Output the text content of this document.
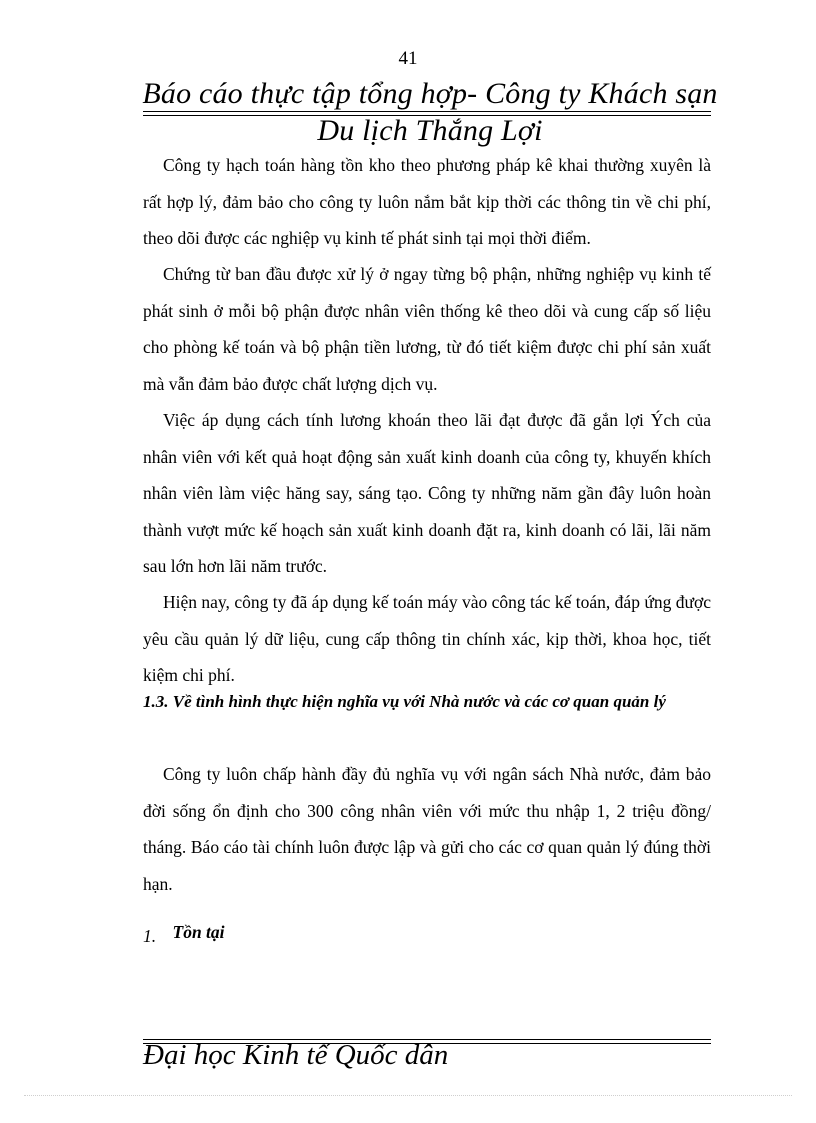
41
Báo cáo thực tập tổng hợp- Công ty Khách sạn
Du lịch Thắng Lợi

Công ty hạch toán hàng tồn kho theo phương pháp kê khai thường xuyên là rất hợp lý, đảm bảo cho công ty luôn nắm bắt kịp thời các thông tin về chi phí, theo dõi được các nghiệp vụ kinh tế phát sinh tại mọi thời điểm.

Chứng từ ban đầu được xử lý ở ngay từng bộ phận, những nghiệp vụ kinh tế phát sinh ở mỗi bộ phận được nhân viên thống kê theo dõi và cung cấp số liệu cho phòng kế toán và bộ phận tiền lương, từ đó tiết kiệm được chi phí sản xuất mà vẫn đảm bảo được chất lượng dịch vụ.

Việc áp dụng cách tính lương khoán theo lãi đạt được đã gắn lợi Ých của nhân viên với kết quả hoạt động sản xuất kinh doanh của công ty, khuyến khích nhân viên làm việc hăng say, sáng tạo. Công ty những năm gần đây luôn hoàn thành vượt mức kế hoạch sản xuất kinh doanh đặt ra, kinh doanh có lãi, lãi năm sau lớn hơn lãi năm trước.

Hiện nay, công ty đã áp dụng kế toán máy vào công tác kế toán, đáp ứng được yêu cầu quản lý dữ liệu, cung cấp thông tin chính xác, kịp thời, khoa học, tiết kiệm chi phí.

1.3. Về tình hình thực hiện nghĩa vụ với Nhà nước và các cơ quan quản lý

Công ty luôn chấp hành đầy đủ nghĩa vụ với ngân sách Nhà nước, đảm bảo đời sống ổn định cho 300 công nhân viên với mức thu nhập 1, 2 triệu đồng/ tháng. Báo cáo tài chính luôn được lập và gửi cho các cơ quan quản lý đúng thời hạn.

1. Tồn tại
Đại học Kinh tế Quốc dân
